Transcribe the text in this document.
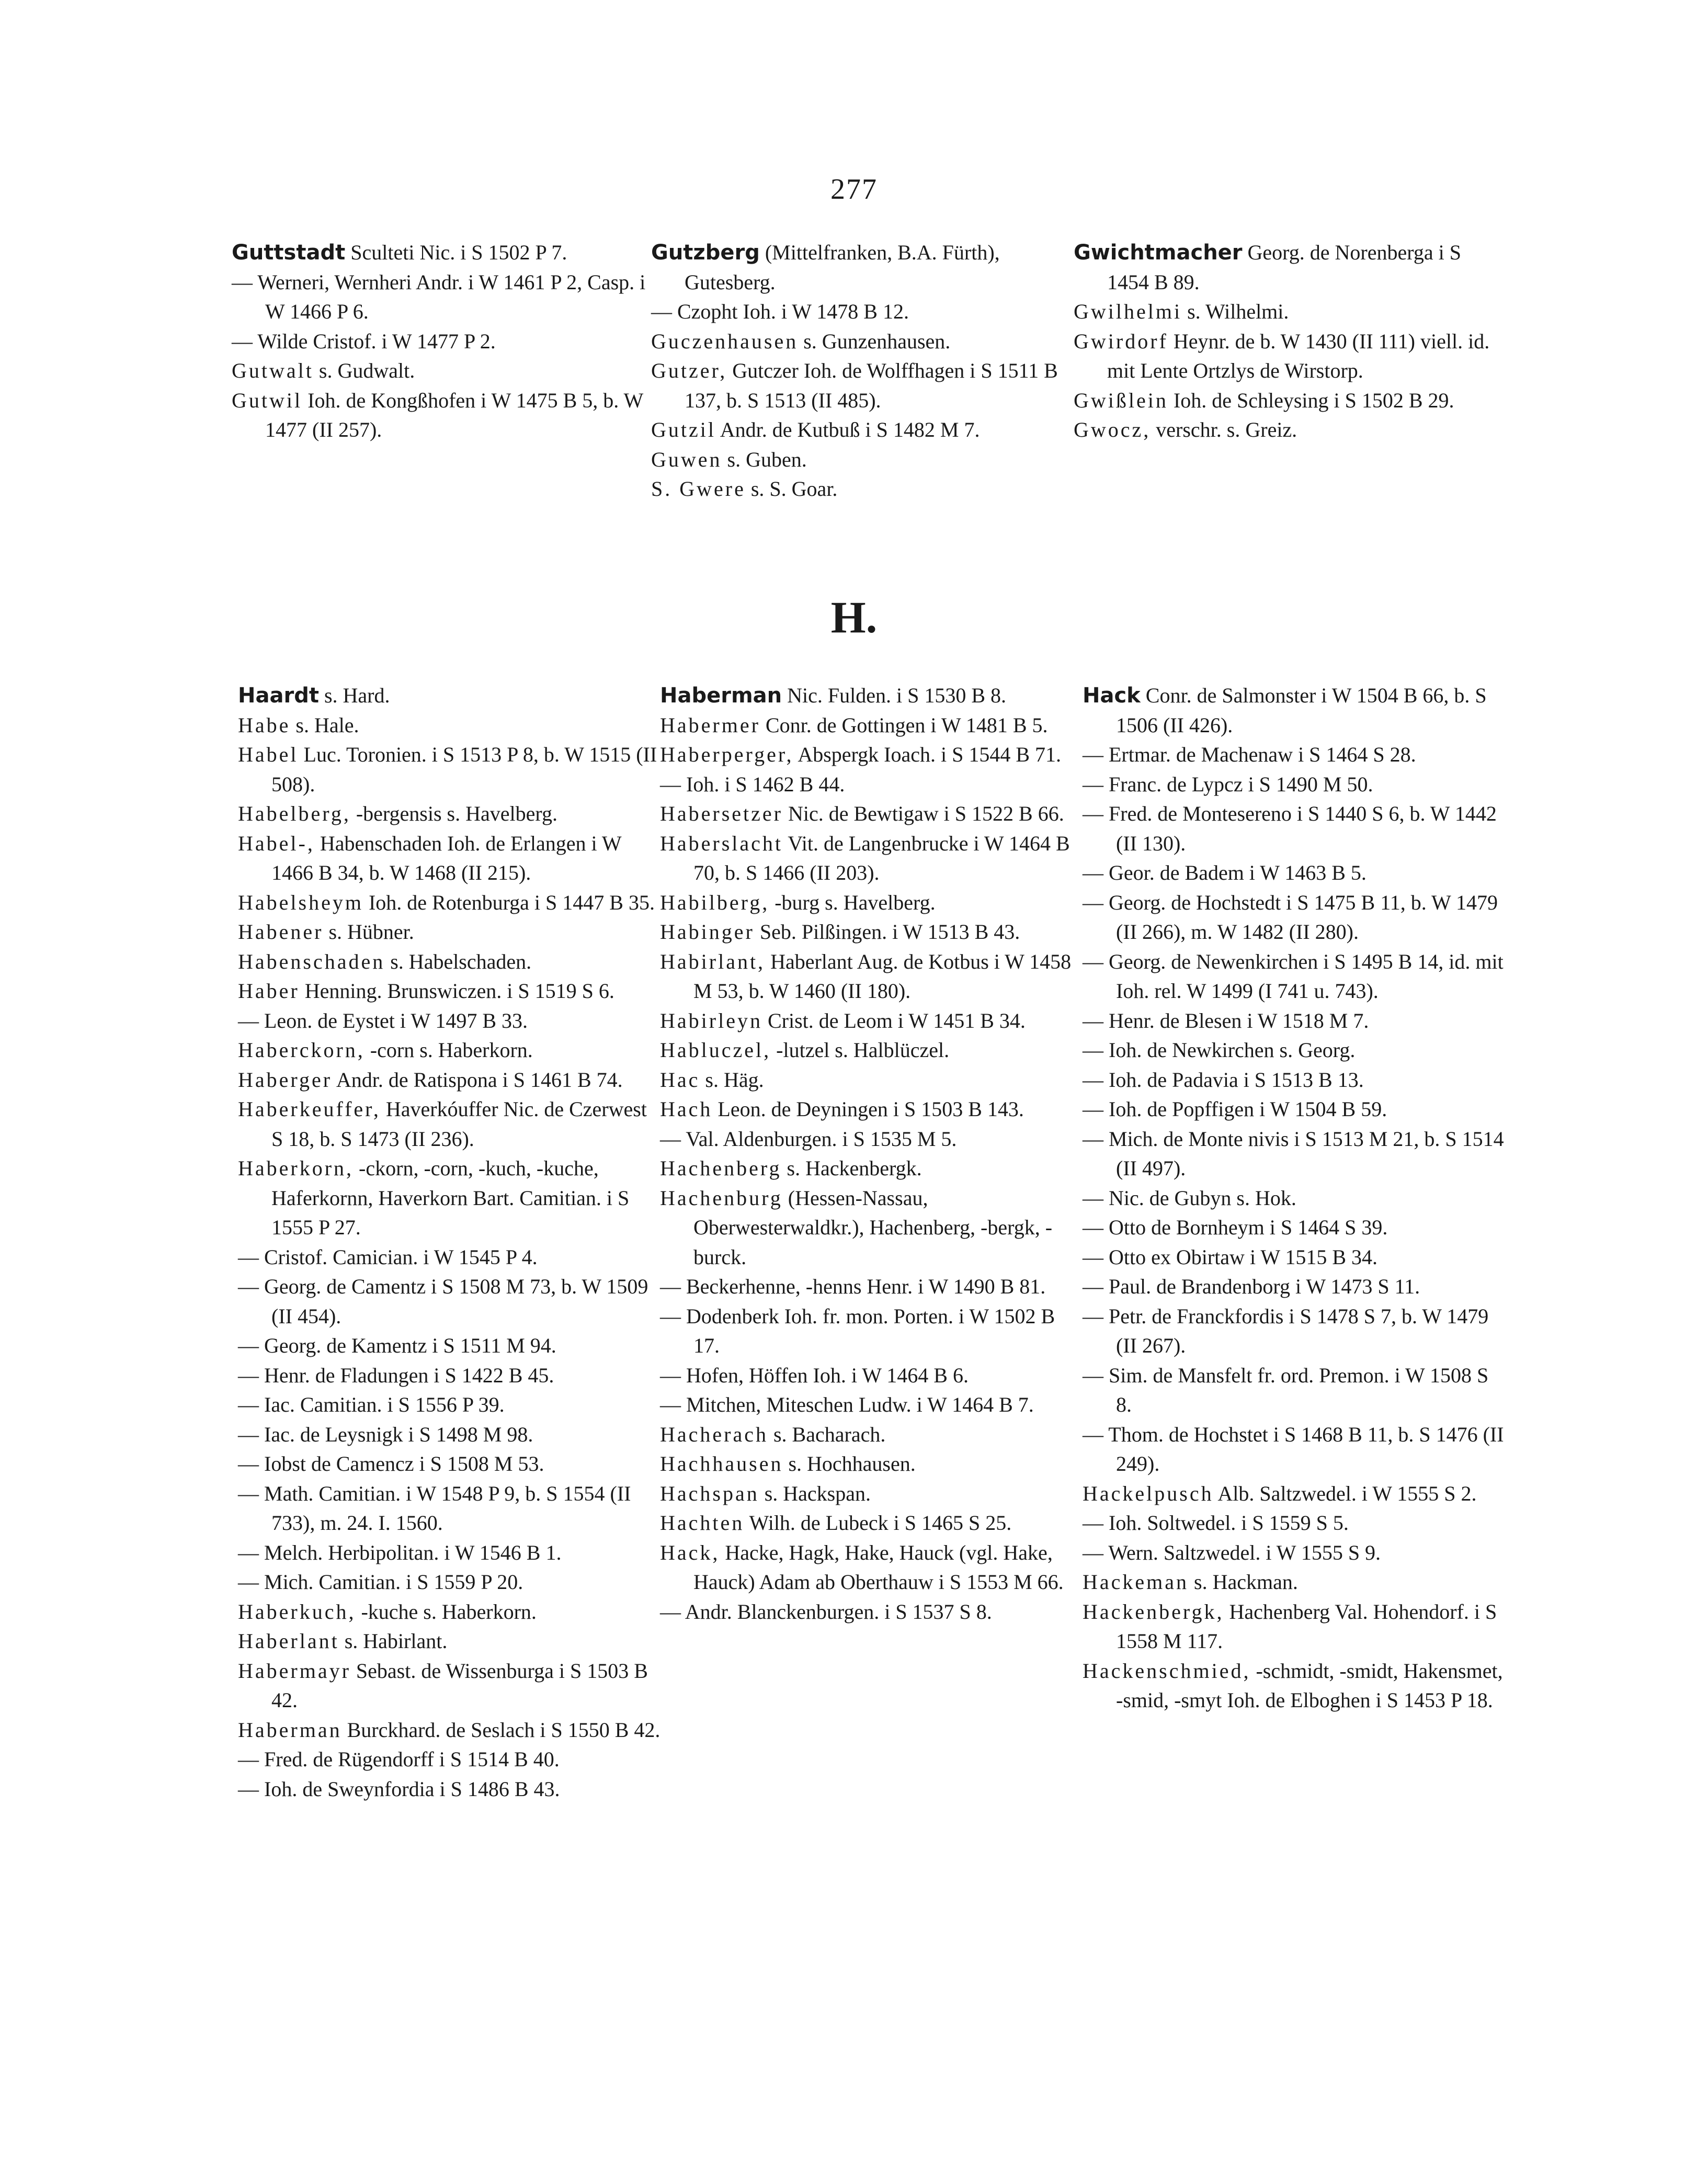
277

Guttstadt Sculteti Nic. i S 1502 P 7.

— Werneri, Wernheri Andr. i W 1461 P 2, Casp. i W 1466 P 6.

— Wilde Cristof. i W 1477 P 2.

Gutwalt s. Gudwalt.

Gutwil Ioh. de Kongßhofen i W 1475 B 5, b. W 1477 (II 257).

Gutzberg (Mittelfranken, B.A. Fürth), Gutesberg.

— Czopht Ioh. i W 1478 B 12.

Guczenhausen s. Gunzenhausen.

Gutzer, Gutczer Ioh. de Wolffhagen i S 1511 B 137, b. S 1513 (II 485).

Gutzil Andr. de Kutbuß i S 1482 M 7.

Guwen s. Guben.

S. Gwere s. S. Goar.

Gwichtmacher Georg. de Norenberga i S 1454 B 89.

Gwilhelmi s. Wilhelmi.

Gwirdorf Heynr. de b. W 1430 (II 111) viell. id. mit Lente Ortzlys de Wirstorp.

Gwißlein Ioh. de Schleysing i S 1502 B 29.

Gwocz, verschr. s. Greiz.

H.

Haardt s. Hard.

Habe s. Hale.

Habel Luc. Toronien. i S 1513 P 8, b. W 1515 (II 508).

Habelberg, -bergensis s. Havelberg.

Habel-, Habenschaden Ioh. de Erlangen i W 1466 B 34, b. W 1468 (II 215).

Habelsheym Ioh. de Rotenburga i S 1447 B 35.

Habener s. Hübner.

Habenschaden s. Habelschaden.

Haber Henning. Brunswiczen. i S 1519 S 6.

— Leon. de Eystet i W 1497 B 33.

Haberckorn, -corn s. Haberkorn.

Haberger Andr. de Ratispona i S 1461 B 74.

Haberkeuffer, Haverkóuffer Nic. de Czerwest S 18, b. S 1473 (II 236).

Haberkorn, -ckorn, -corn, -kuch, -kuche, Haferkornn, Haverkorn Bart. Camitian. i S 1555 P 27.

— Cristof. Camician. i W 1545 P 4.

— Georg. de Camentz i S 1508 M 73, b. W 1509 (II 454).

— Georg. de Kamentz i S 1511 M 94.

— Henr. de Fladungen i S 1422 B 45.

— Iac. Camitian. i S 1556 P 39.

— Iac. de Leysnigk i S 1498 M 98.

— Iobst de Camencz i S 1508 M 53.

— Math. Camitian. i W 1548 P 9, b. S 1554 (II 733), m. 24. I. 1560.

— Melch. Herbipolitan. i W 1546 B 1.

— Mich. Camitian. i S 1559 P 20.

Haberkuch, -kuche s. Haberkorn.

Haberlant s. Habirlant.

Habermayr Sebast. de Wissenburga i S 1503 B 42.

Haberman Burckhard. de Seslach i S 1550 B 42.

— Fred. de Rügendorff i S 1514 B 40.

— Ioh. de Sweynfordia i S 1486 B 43.

Haberman Nic. Fulden. i S 1530 B 8.

Habermer Conr. de Gottingen i W 1481 B 5.

Haberperger, Abspergk Ioach. i S 1544 B 71.

— Ioh. i S 1462 B 44.

Habersetzer Nic. de Bewtigaw i S 1522 B 66.

Haberslacht Vit. de Langenbrucke i W 1464 B 70, b. S 1466 (II 203).

Habilberg, -burg s. Havelberg.

Habinger Seb. Pilßingen. i W 1513 B 43.

Habirlant, Haberlant Aug. de Kotbus i W 1458 M 53, b. W 1460 (II 180).

Habirleyn Crist. de Leom i W 1451 B 34.

Habluczel, -lutzel s. Halblüczel.

Hac s. Häg.

Hach Leon. de Deyningen i S 1503 B 143.

— Val. Aldenburgen. i S 1535 M 5.

Hachenberg s. Hackenbergk.

Hachenburg (Hessen-Nassau, Oberwesterwaldkr.), Hachenberg, -bergk, -burck.

— Beckerhenne, -henns Henr. i W 1490 B 81.

— Dodenberk Ioh. fr. mon. Porten. i W 1502 B 17.

— Hofen, Höffen Ioh. i W 1464 B 6.

— Mitchen, Miteschen Ludw. i W 1464 B 7.

Hacherach s. Bacharach.

Hachhausen s. Hochhausen.

Hachspan s. Hackspan.

Hachten Wilh. de Lubeck i S 1465 S 25.

Hack, Hacke, Hagk, Hake, Hauck (vgl. Hake, Hauck) Adam ab Oberthauw i S 1553 M 66.

— Andr. Blanckenburgen. i S 1537 S 8.

Hack Conr. de Salmonster i W 1504 B 66, b. S 1506 (II 426).

— Ertmar. de Machenaw i S 1464 S 28.

— Franc. de Lypcz i S 1490 M 50.

— Fred. de Montesereno i S 1440 S 6, b. W 1442 (II 130).

— Geor. de Badem i W 1463 B 5.

— Georg. de Hochstedt i S 1475 B 11, b. W 1479 (II 266), m. W 1482 (II 280).

— Georg. de Newenkirchen i S 1495 B 14, id. mit Ioh. rel. W 1499 (I 741 u. 743).

— Henr. de Blesen i W 1518 M 7.

— Ioh. de Newkirchen s. Georg.

— Ioh. de Padavia i S 1513 B 13.

— Ioh. de Popffigen i W 1504 B 59.

— Mich. de Monte nivis i S 1513 M 21, b. S 1514 (II 497).

— Nic. de Gubyn s. Hok.

— Otto de Bornheym i S 1464 S 39.

— Otto ex Obirtaw i W 1515 B 34.

— Paul. de Brandenborg i W 1473 S 11.

— Petr. de Franckfordis i S 1478 S 7, b. W 1479 (II 267).

— Sim. de Mansfelt fr. ord. Premon. i W 1508 S 8.

— Thom. de Hochstet i S 1468 B 11, b. S 1476 (II 249).

Hackelpusch Alb. Saltzwedel. i W 1555 S 2.

— Ioh. Soltwedel. i S 1559 S 5.

— Wern. Saltzwedel. i W 1555 S 9.

Hackeman s. Hackman.

Hackenbergk, Hachenberg Val. Hohendorf. i S 1558 M 117.

Hackenschmied, -schmidt, -smidt, Hakensmet, -smid, -smyt Ioh. de Elboghen i S 1453 P 18.
